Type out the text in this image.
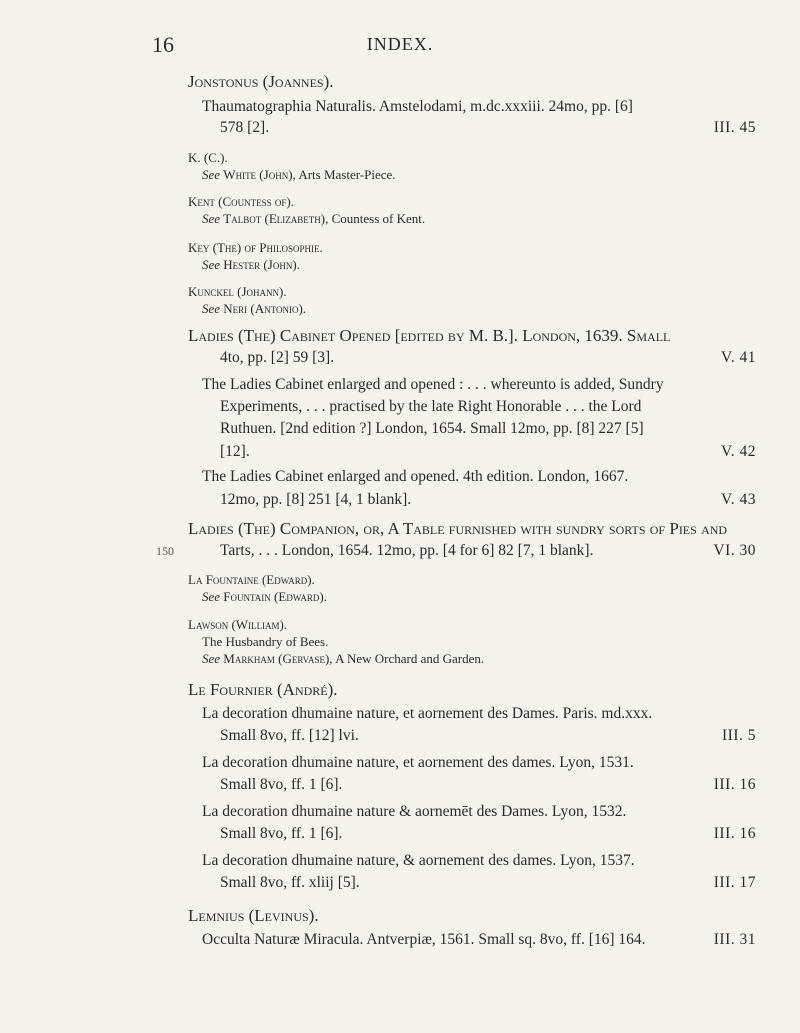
16	INDEX.
Jonstonus (Joannes).
Thaumatographia Naturalis. Amstelodami, m.dc.xxxiii. 24mo, pp. [6]
578 [2].	III. 45
K. (C.).
See White (John), Arts Master-Piece.
Kent (Countess of).
See Talbot (Elizabeth), Countess of Kent.
Key (The) of Philosophie.
See Hester (John).
Kunckel (Johann).
See Neri (Antonio).
Ladies (The) Cabinet Opened [edited by M. B.]. London, 1639. Small
4to, pp. [2] 59 [3].	V. 41
The Ladies Cabinet enlarged and opened : . . . whereunto is added, Sundry
Experiments, . . . practised by the late Right Honorable . . . the Lord
Ruthuen. [2nd edition ?] London, 1654. Small 12mo, pp. [8] 227 [5]
[12].	V. 42
The Ladies Cabinet enlarged and opened. 4th edition. London, 1667.
12mo, pp. [8] 251 [4, 1 blank].	V. 43
Ladies (The) Companion, or, A Table furnished with sundry sorts of Pies and
150	Tarts, . . . London, 1654. 12mo, pp. [4 for 6] 82 [7, 1 blank].	VI. 30
La Fountaine (Edward).
See Fountain (Edward).
Lawson (William).
The Husbandry of Bees.
See Markham (Gervase), A New Orchard and Garden.
Le Fournier (André).
La decoration dhumaine nature, et aornement des Dames. Paris. md.xxx.
Small 8vo, ff. [12] lvi.	III. 5
La decoration dhumaine nature, et aornement des dames. Lyon, 1531.
Small 8vo, ff. 1 [6].	III. 16
La decoration dhumaine nature & aornemēt des Dames. Lyon, 1532.
Small 8vo, ff. 1 [6].	III. 16
La decoration dhumaine nature, & aornement des dames. Lyon, 1537.
Small 8vo, ff. xliij [5].	III. 17
Lemnius (Levinus).
Occulta Naturæ Miracula. Antverpiæ, 1561. Small sq. 8vo, ff. [16] 164.	III. 31
